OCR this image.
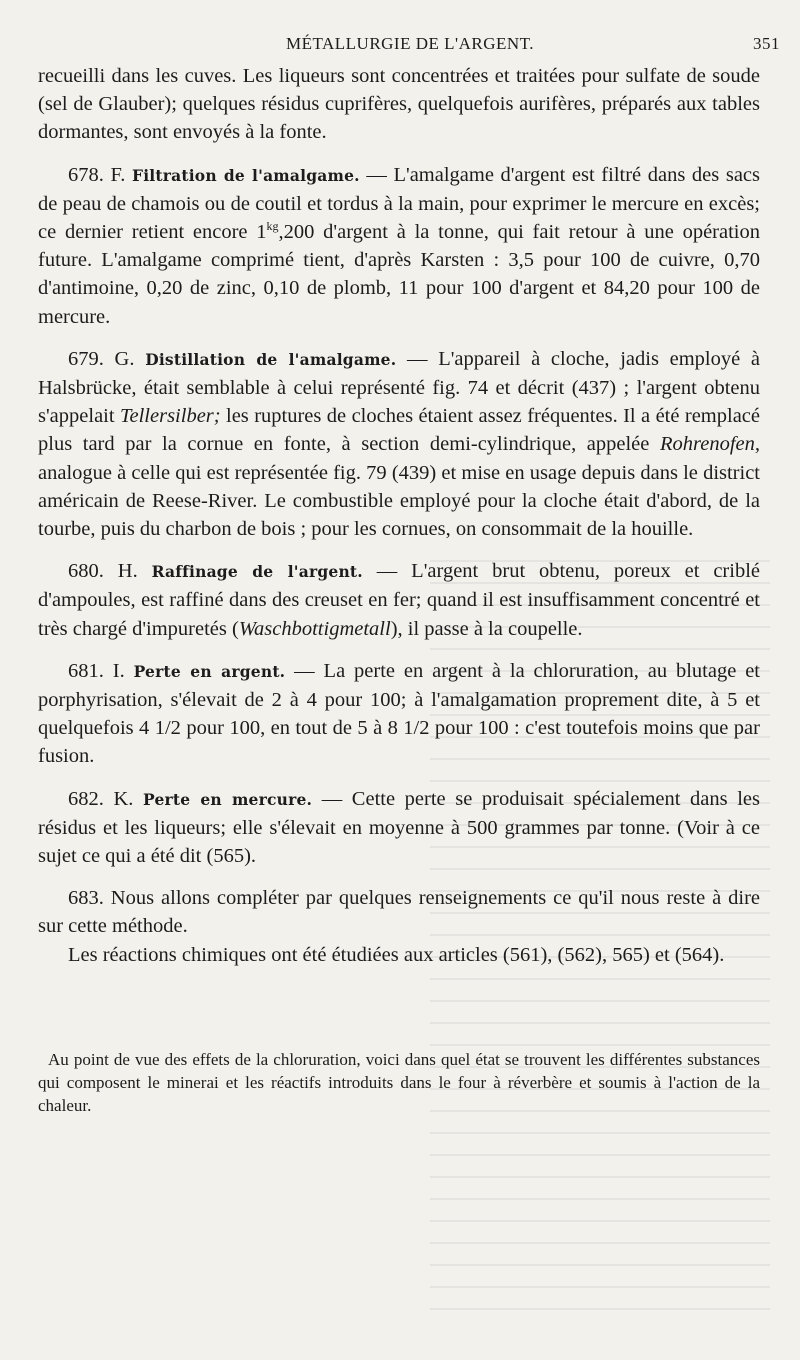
MÉTALLURGIE DE L'ARGENT.	351

recueilli dans les cuves. Les liqueurs sont concentrées et traitées pour sulfate de soude (sel de Glauber); quelques résidus cuprifères, quelquefois aurifères, préparés aux tables dormantes, sont envoyés à la fonte.

678. F. Filtration de l'amalgame. — L'amalgame d'argent est filtré dans des sacs de peau de chamois ou de coutil et tordus à la main, pour exprimer le mercure en excès; ce dernier retient encore $1^{kg},200$ d'argent à la tonne, qui fait retour à une opération future. L'amalgame comprimé tient, d'après Karsten : 3,5 pour 100 de cuivre, 0,70 d'antimoine, 0,20 de zinc, 0,10 de plomb, 11 pour 100 d'argent et 84,20 pour 100 de mercure.

679. G. Distillation de l'amalgame. — L'appareil à cloche, jadis employé à Halsbrücke, était semblable à celui représenté fig. 74 et décrit (437) ; l'argent obtenu s'appelait Tellersilber; les ruptures de cloches étaient assez fréquentes. Il a été remplacé plus tard par la cornue en fonte, à section demi-cylindrique, appelée Rohrenofen, analogue à celle qui est représentée fig. 79 (439) et mise en usage depuis dans le district américain de Reese-River. Le combustible employé pour la cloche était d'abord, de la tourbe, puis du charbon de bois ; pour les cornues, on consommait de la houille.

680. H. Raffinage de l'argent. — L'argent brut obtenu, poreux et criblé d'ampoules, est raffiné dans des creuset en fer; quand il est insuffisamment concentré et très chargé d'impuretés (Waschbottigmetall), il passe à la coupelle.

681. I. Perte en argent. — La perte en argent à la chloruration, au blutage et porphyrisation, s'élevait de 2 à 4 pour 100; à l'amalgamation proprement dite, à 5 et quelquefois 4 1/2 pour 100, en tout de 5 à 8 1/2 pour 100 : c'est toutefois moins que par fusion.

682. K. Perte en mercure. — Cette perte se produisait spécialement dans les résidus et les liqueurs; elle s'élevait en moyenne à 500 grammes par tonne. (Voir à ce sujet ce qui a été dit (565).

683. Nous allons compléter par quelques renseignements ce qu'il nous reste à dire sur cette méthode.

Les réactions chimiques ont été étudiées aux articles (561), (562), 565) et (564).

Au point de vue des effets de la chloruration, voici dans quel état se trouvent les différentes substances qui composent le minerai et les réactifs introduits dans le four à réverbère et soumis à l'action de la chaleur.
